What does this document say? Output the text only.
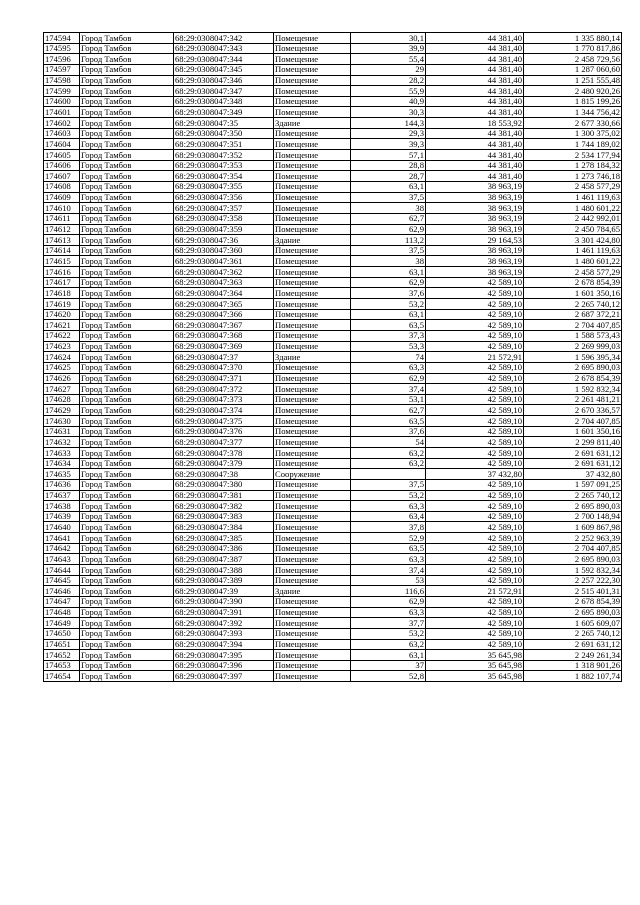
174594	Город Тамбов	68:29:0308047:342	Помещение	30,1	44 381,40	1 335 880,14
174595	Город Тамбов	68:29:0308047:343	Помещение	39,9	44 381,40	1 770 817,86
174596	Город Тамбов	68:29:0308047:344	Помещение	55,4	44 381,40	2 458 729,56
174597	Город Тамбов	68:29:0308047:345	Помещение	29	44 381,40	1 287 060,60
174598	Город Тамбов	68:29:0308047:346	Помещение	28,2	44 381,40	1 251 555,48
174599	Город Тамбов	68:29:0308047:347	Помещение	55,9	44 381,40	2 480 920,26
174600	Город Тамбов	68:29:0308047:348	Помещение	40,9	44 381,40	1 815 199,26
174601	Город Тамбов	68:29:0308047:349	Помещение	30,3	44 381,40	1 344 756,42
174602	Город Тамбов	68:29:0308047:35	Здание	144,3	18 553,92	2 677 330,66
174603	Город Тамбов	68:29:0308047:350	Помещение	29,3	44 381,40	1 300 375,02
174604	Город Тамбов	68:29:0308047:351	Помещение	39,3	44 381,40	1 744 189,02
174605	Город Тамбов	68:29:0308047:352	Помещение	57,1	44 381,40	2 534 177,94
174606	Город Тамбов	68:29:0308047:353	Помещение	28,8	44 381,40	1 278 184,32
174607	Город Тамбов	68:29:0308047:354	Помещение	28,7	44 381,40	1 273 746,18
174608	Город Тамбов	68:29:0308047:355	Помещение	63,1	38 963,19	2 458 577,29
174609	Город Тамбов	68:29:0308047:356	Помещение	37,5	38 963,19	1 461 119,63
174610	Город Тамбов	68:29:0308047:357	Помещение	38	38 963,19	1 480 601,22
174611	Город Тамбов	68:29:0308047:358	Помещение	62,7	38 963,19	2 442 992,01
174612	Город Тамбов	68:29:0308047:359	Помещение	62,9	38 963,19	2 450 784,65
174613	Город Тамбов	68:29:0308047:36	Здание	113,2	29 164,53	3 301 424,80
174614	Город Тамбов	68:29:0308047:360	Помещение	37,5	38 963,19	1 461 119,63
174615	Город Тамбов	68:29:0308047:361	Помещение	38	38 963,19	1 480 601,22
174616	Город Тамбов	68:29:0308047:362	Помещение	63,1	38 963,19	2 458 577,29
174617	Город Тамбов	68:29:0308047:363	Помещение	62,9	42 589,10	2 678 854,39
174618	Город Тамбов	68:29:0308047:364	Помещение	37,6	42 589,10	1 601 350,16
174619	Город Тамбов	68:29:0308047:365	Помещение	53,2	42 589,10	2 265 740,12
174620	Город Тамбов	68:29:0308047:366	Помещение	63,1	42 589,10	2 687 372,21
174621	Город Тамбов	68:29:0308047:367	Помещение	63,5	42 589,10	2 704 407,85
174622	Город Тамбов	68:29:0308047:368	Помещение	37,3	42 589,10	1 588 573,43
174623	Город Тамбов	68:29:0308047:369	Помещение	53,3	42 589,10	2 269 999,03
174624	Город Тамбов	68:29:0308047:37	Здание	74	21 572,91	1 596 395,34
174625	Город Тамбов	68:29:0308047:370	Помещение	63,3	42 589,10	2 695 890,03
174626	Город Тамбов	68:29:0308047:371	Помещение	62,9	42 589,10	2 678 854,39
174627	Город Тамбов	68:29:0308047:372	Помещение	37,4	42 589,10	1 592 832,34
174628	Город Тамбов	68:29:0308047:373	Помещение	53,1	42 589,10	2 261 481,21
174629	Город Тамбов	68:29:0308047:374	Помещение	62,7	42 589,10	2 670 336,57
174630	Город Тамбов	68:29:0308047:375	Помещение	63,5	42 589,10	2 704 407,85
174631	Город Тамбов	68:29:0308047:376	Помещение	37,6	42 589,10	1 601 350,16
174632	Город Тамбов	68:29:0308047:377	Помещение	54	42 589,10	2 299 811,40
174633	Город Тамбов	68:29:0308047:378	Помещение	63,2	42 589,10	2 691 631,12
174634	Город Тамбов	68:29:0308047:379	Помещение	63,2	42 589,10	2 691 631,12
174635	Город Тамбов	68:29:0308047:38	Сооружение		37 432,80	37 432,80
174636	Город Тамбов	68:29:0308047:380	Помещение	37,5	42 589,10	1 597 091,25
174637	Город Тамбов	68:29:0308047:381	Помещение	53,2	42 589,10	2 265 740,12
174638	Город Тамбов	68:29:0308047:382	Помещение	63,3	42 589,10	2 695 890,03
174639	Город Тамбов	68:29:0308047:383	Помещение	63,4	42 589,10	2 700 148,94
174640	Город Тамбов	68:29:0308047:384	Помещение	37,8	42 589,10	1 609 867,98
174641	Город Тамбов	68:29:0308047:385	Помещение	52,9	42 589,10	2 252 963,39
174642	Город Тамбов	68:29:0308047:386	Помещение	63,5	42 589,10	2 704 407,85
174643	Город Тамбов	68:29:0308047:387	Помещение	63,3	42 589,10	2 695 890,03
174644	Город Тамбов	68:29:0308047:388	Помещение	37,4	42 589,10	1 592 832,34
174645	Город Тамбов	68:29:0308047:389	Помещение	53	42 589,10	2 257 222,30
174646	Город Тамбов	68:29:0308047:39	Здание	116,6	21 572,91	2 515 401,31
174647	Город Тамбов	68:29:0308047:390	Помещение	62,9	42 589,10	2 678 854,39
174648	Город Тамбов	68:29:0308047:391	Помещение	63,3	42 589,10	2 695 890,03
174649	Город Тамбов	68:29:0308047:392	Помещение	37,7	42 589,10	1 605 609,07
174650	Город Тамбов	68:29:0308047:393	Помещение	53,2	42 589,10	2 265 740,12
174651	Город Тамбов	68:29:0308047:394	Помещение	63,2	42 589,10	2 691 631,12
174652	Город Тамбов	68:29:0308047:395	Помещение	63,1	35 645,98	2 249 261,34
174653	Город Тамбов	68:29:0308047:396	Помещение	37	35 645,98	1 318 901,26
174654	Город Тамбов	68:29:0308047:397	Помещение	52,8	35 645,98	1 882 107,74
